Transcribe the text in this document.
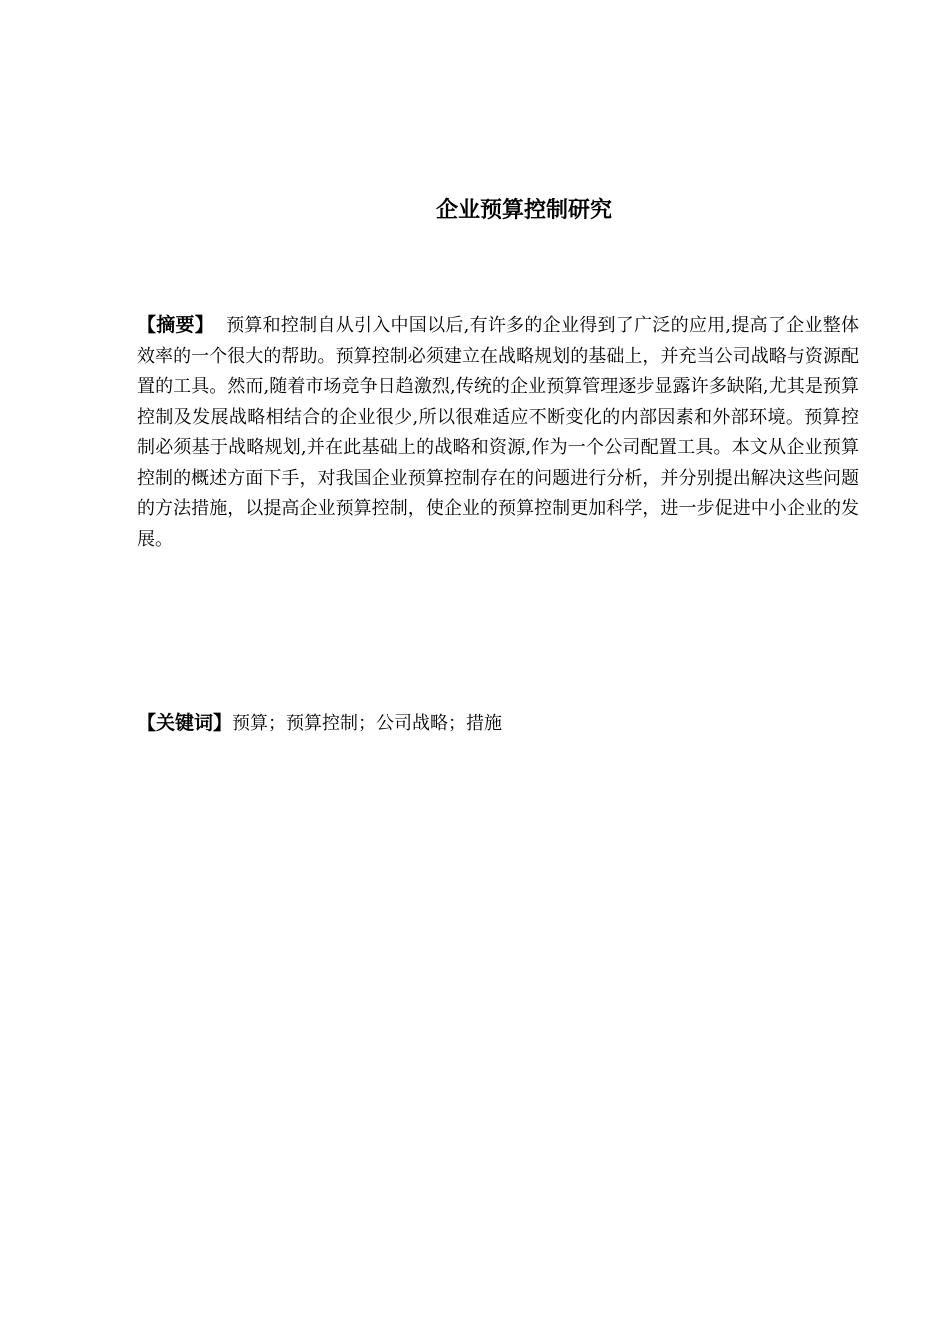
企业预算控制研究

【摘要】 预算和控制自从引入中国以后,有许多的企业得到了广泛的应用,提高了企业整体效率的一个很大的帮助。预算控制必须建立在战略规划的基础上，并充当公司战略与资源配置的工具。然而,随着市场竞争日趋激烈,传统的企业预算管理逐步显露许多缺陷,尤其是预算控制及发展战略相结合的企业很少,所以很难适应不断变化的内部因素和外部环境。预算控制必须基于战略规划,并在此基础上的战略和资源,作为一个公司配置工具。本文从企业预算控制的概述方面下手，对我国企业预算控制存在的问题进行分析，并分别提出解决这些问题的方法措施，以提高企业预算控制，使企业的预算控制更加科学，进一步促进中小企业的发展。

【关键词】预算；预算控制；公司战略；措施
